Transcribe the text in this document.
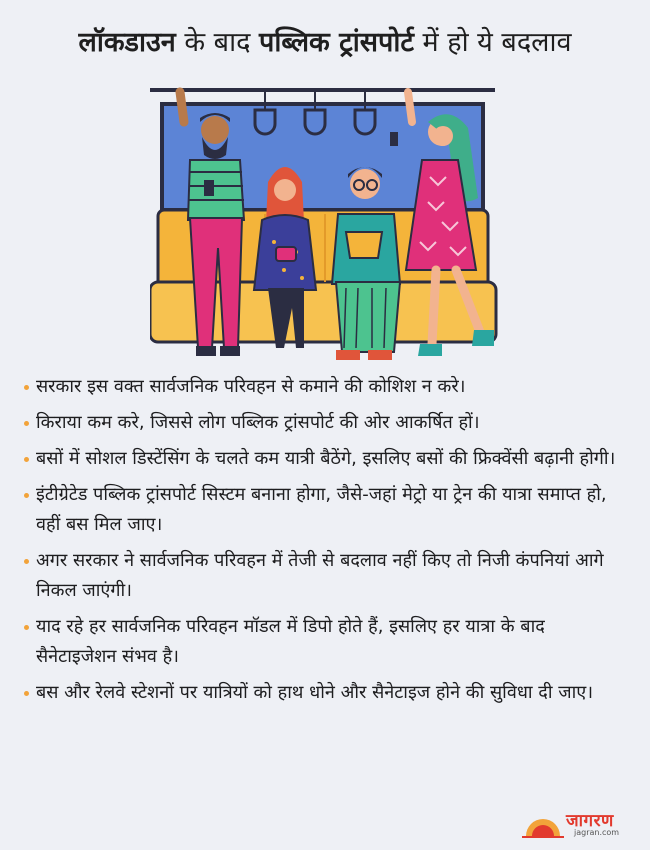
लॉकडाउन के बाद पब्लिक ट्रांसपोर्ट में हो ये बदलाव
सरकार इस वक्त सार्वजनिक परिवहन से कमाने की कोशिश न करे।
किराया कम करे, जिससे लोग पब्लिक ट्रांसपोर्ट की ओर आकर्षित हों।
बसों में सोशल डिस्टेंसिंग के चलते कम यात्री बैठेंगे, इसलिए बसों की फ्रिक्वेंसी बढ़ानी होगी।
इंटीग्रेटेड पब्लिक ट्रांसपोर्ट सिस्टम बनाना होगा, जैसे-जहां मेट्रो या ट्रेन की यात्रा समाप्त हो, वहीं बस मिल जाए।
अगर सरकार ने सार्वजनिक परिवहन में तेजी से बदलाव नहीं किए तो निजी कंपनियां आगे निकल जाएंगी।
याद रहे हर सार्वजनिक परिवहन मॉडल में डिपो होते हैं, इसलिए हर यात्रा के बाद सैनेटाइजेशन संभव है।
बस और रेलवे स्टेशनों पर यात्रियों को हाथ धोने और सैनेटाइज होने की सुविधा दी जाए।
जागरण
jagran.com
